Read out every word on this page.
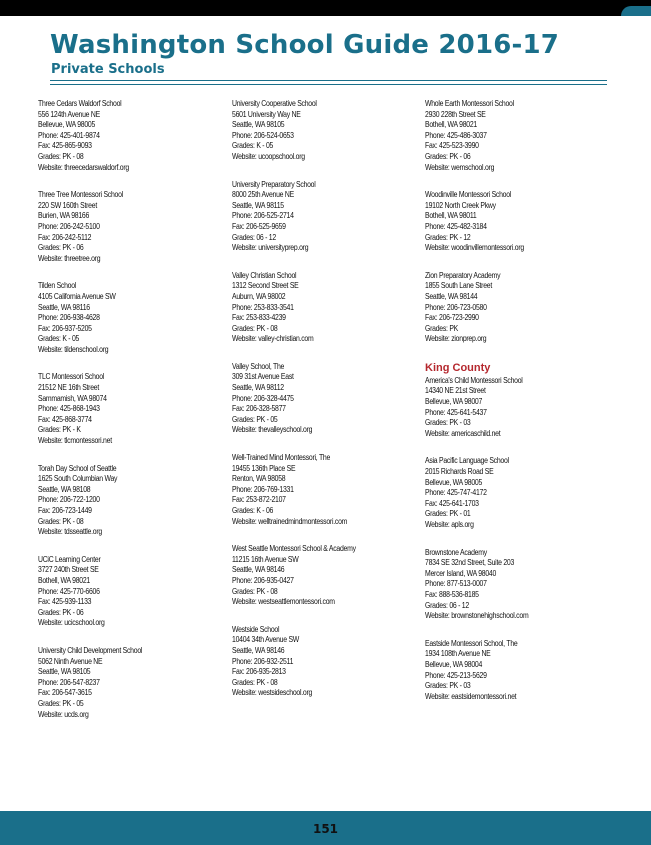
Washington School Guide 2016-17
Private Schools
Three Cedars Waldorf School
556 124th Avenue NE
Bellevue, WA 98005
Phone: 425-401-9874
Fax: 425-865-9093
Grades: PK - 08
Website: threecedarswaldorf.org
Three Tree Montessori School
220 SW 160th Street
Burien, WA 98166
Phone: 206-242-5100
Fax: 206-242-5112
Grades: PK - 06
Website: threetree.org
Tilden School
4105 California Avenue SW
Seattle, WA 98116
Phone: 206-938-4628
Fax: 206-937-5205
Grades: K - 05
Website: tildenschool.org
TLC Montessori School
21512 NE 16th Street
Sammamish, WA 98074
Phone: 425-868-1943
Fax: 425-868-3774
Grades: PK - K
Website: tlcmontessori.net
Torah Day School of Seattle
1625 South Columbian Way
Seattle, WA 98108
Phone: 206-722-1200
Fax: 206-723-1449
Grades: PK - 08
Website: tdsseattle.org
UCiC Learning Center
3727 240th Street SE
Bothell, WA 98021
Phone: 425-770-6606
Fax: 425-939-1133
Grades: PK - 06
Website: ucicschool.org
University Child Development School
5062 Ninth Avenue NE
Seattle, WA 98105
Phone: 206-547-8237
Fax: 206-547-3615
Grades: PK - 05
Website: ucds.org
University Cooperative School
5601 University Way NE
Seattle, WA 98105
Phone: 206-524-0653
Grades: K - 05
Website: ucoopschool.org
University Preparatory School
8000 25th Avenue NE
Seattle, WA 98115
Phone: 206-525-2714
Fax: 206-525-9659
Grades: 06 - 12
Website: universityprep.org
Valley Christian School
1312 Second Street SE
Auburn, WA 98002
Phone: 253-833-3541
Fax: 253-833-4239
Grades: PK - 08
Website: valley-christian.com
Valley School, The
309 31st Avenue East
Seattle, WA 98112
Phone: 206-328-4475
Fax: 206-328-5877
Grades: PK - 05
Website: thevalleyschool.org
Well-Trained Mind Montessori, The
19455 136th Place SE
Renton, WA 98058
Phone: 206-769-1331
Fax: 253-872-2107
Grades: K - 06
Website: welltrainedmindmontessori.com
West Seattle Montessori School & Academy
11215 16th Avenue SW
Seattle, WA 98146
Phone: 206-935-0427
Grades: PK - 08
Website: westseattlemontessori.com
Westside School
10404 34th Avenue SW
Seattle, WA 98146
Phone: 206-932-2511
Fax: 206-935-2813
Grades: PK - 08
Website: westsideschool.org
Whole Earth Montessori School
2930 228th Street SE
Bothell, WA 98021
Phone: 425-486-3037
Fax: 425-523-3990
Grades: PK - 06
Website: wemschool.org
Woodinville Montessori School
19102 North Creek Pkwy
Bothell, WA 98011
Phone: 425-482-3184
Grades: PK - 12
Website: woodinvillemontessori.org
Zion Preparatory Academy
1855 South Lane Street
Seattle, WA 98144
Phone: 206-723-0580
Fax: 206-723-2990
Grades: PK
Website: zionprep.org
King County
America's Child Montessori School
14340 NE 21st Street
Bellevue, WA 98007
Phone: 425-641-5437
Grades: PK - 03
Website: americaschild.net
Asia Pacific Language School
2015 Richards Road SE
Bellevue, WA 98005
Phone: 425-747-4172
Fax: 425-641-1703
Grades: PK - 01
Website: apls.org
Brownstone Academy
7834 SE 32nd Street, Suite 203
Mercer Island, WA 98040
Phone: 877-513-0007
Fax: 888-536-8185
Grades: 06 - 12
Website: brownstonehighschool.com
Eastside Montessori School, The
1934 108th Avenue NE
Bellevue, WA 98004
Phone: 425-213-5629
Grades: PK - 03
Website: eastsidemontessori.net
151
